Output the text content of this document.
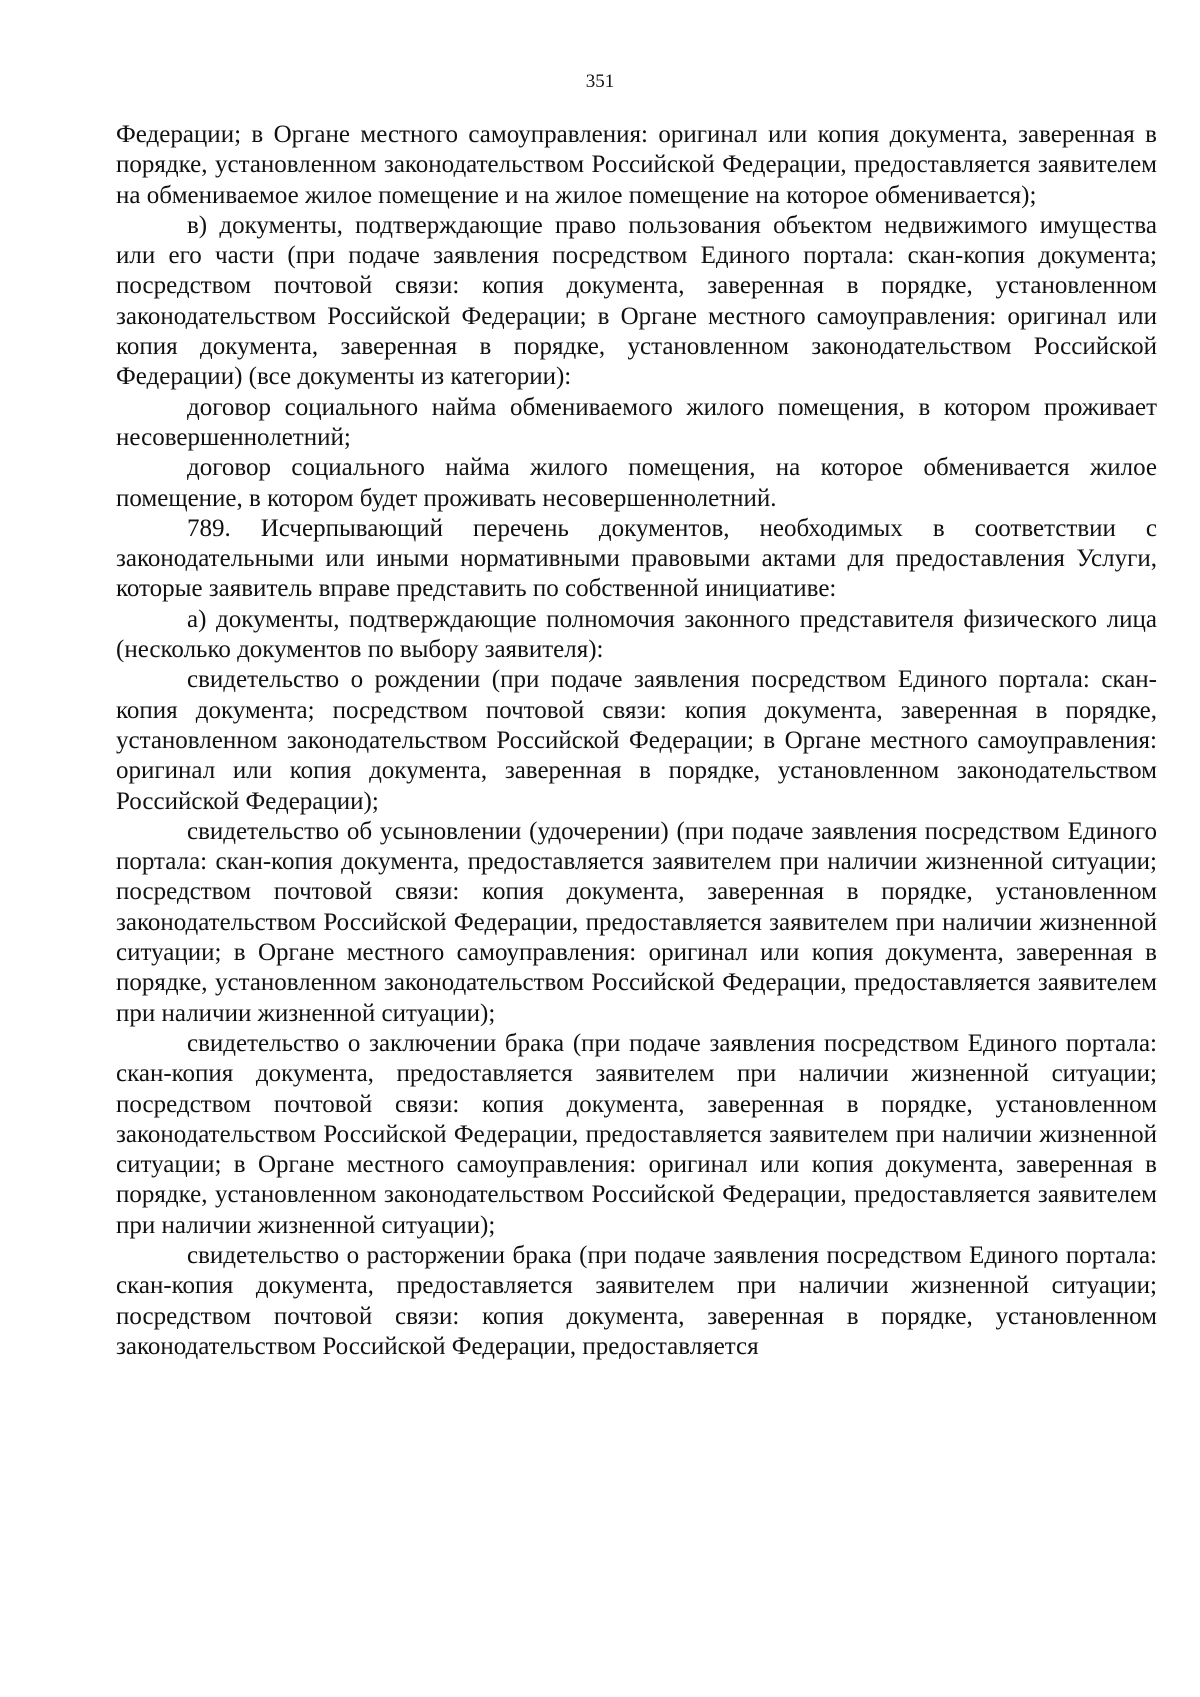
351

Федерации; в Органе местного самоуправления: оригинал или копия документа, заверенная в порядке, установленном законодательством Российской Федерации, предоставляется заявителем на обмениваемое жилое помещение и на жилое помещение на которое обменивается);

в) документы, подтверждающие право пользования объектом недвижимого имущества или его части (при подаче заявления посредством Единого портала: скан-копия документа; посредством почтовой связи: копия документа, заверенная в порядке, установленном законодательством Российской Федерации; в Органе местного самоуправления: оригинал или копия документа, заверенная в порядке, установленном законодательством Российской Федерации) (все документы из категории):

договор социального найма обмениваемого жилого помещения, в котором проживает несовершеннолетний;

договор социального найма жилого помещения, на которое обменивается жилое помещение, в котором будет проживать несовершеннолетний.

789. Исчерпывающий перечень документов, необходимых в соответствии с законодательными или иными нормативными правовыми актами для предоставления Услуги, которые заявитель вправе представить по собственной инициативе:

а) документы, подтверждающие полномочия законного представителя физического лица (несколько документов по выбору заявителя):

свидетельство о рождении (при подаче заявления посредством Единого портала: скан-копия документа; посредством почтовой связи: копия документа, заверенная в порядке, установленном законодательством Российской Федерации; в Органе местного самоуправления: оригинал или копия документа, заверенная в порядке, установленном законодательством Российской Федерации);

свидетельство об усыновлении (удочерении) (при подаче заявления посредством Единого портала: скан-копия документа, предоставляется заявителем при наличии жизненной ситуации; посредством почтовой связи: копия документа, заверенная в порядке, установленном законодательством Российской Федерации, предоставляется заявителем при наличии жизненной ситуации; в Органе местного самоуправления: оригинал или копия документа, заверенная в порядке, установленном законодательством Российской Федерации, предоставляется заявителем при наличии жизненной ситуации);

свидетельство о заключении брака (при подаче заявления посредством Единого портала: скан-копия документа, предоставляется заявителем при наличии жизненной ситуации; посредством почтовой связи: копия документа, заверенная в порядке, установленном законодательством Российской Федерации, предоставляется заявителем при наличии жизненной ситуации; в Органе местного самоуправления: оригинал или копия документа, заверенная в порядке, установленном законодательством Российской Федерации, предоставляется заявителем при наличии жизненной ситуации);

свидетельство о расторжении брака (при подаче заявления посредством Единого портала: скан-копия документа, предоставляется заявителем при наличии жизненной ситуации; посредством почтовой связи: копия документа, заверенная в порядке, установленном законодательством Российской Федерации, предоставляется
